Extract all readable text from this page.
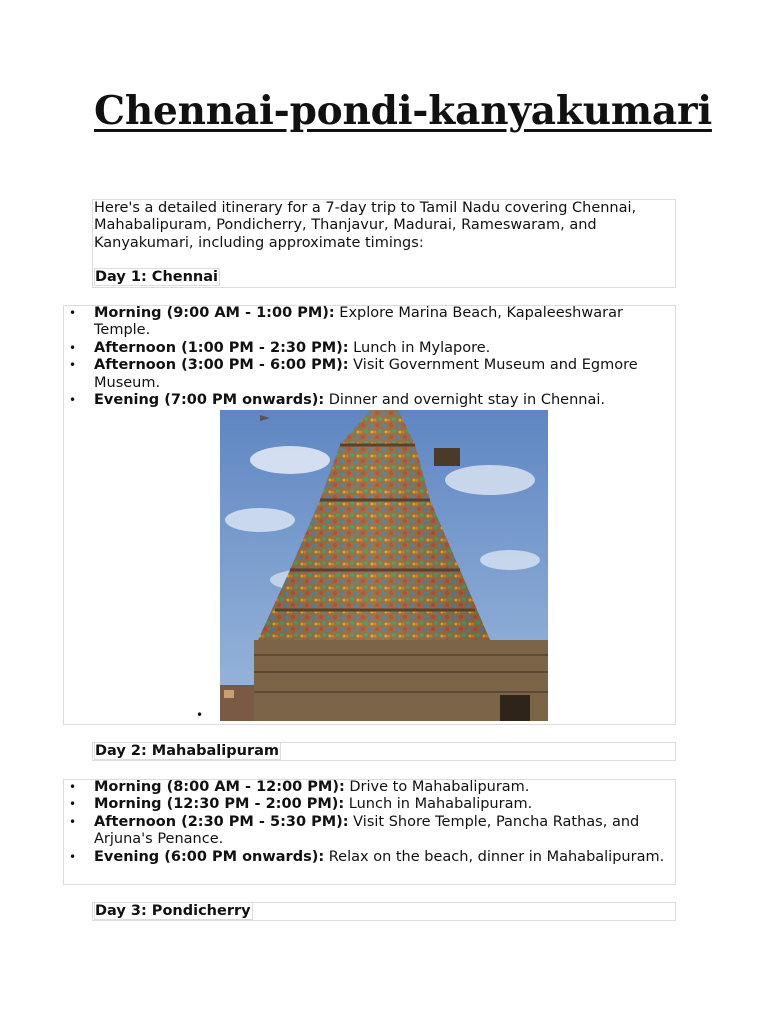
Chennai-pondi-kanyakumari

Here's a detailed itinerary for a 7-day trip to Tamil Nadu covering Chennai, Mahabalipuram, Pondicherry, Thanjavur, Madurai, Rameswaram, and Kanyakumari, including approximate timings:

Day 1: Chennai
• Morning (9:00 AM - 1:00 PM): Explore Marina Beach, Kapaleeshwarar Temple.
• Afternoon (1:00 PM - 2:30 PM): Lunch in Mylapore.
• Afternoon (3:00 PM - 6:00 PM): Visit Government Museum and Egmore Museum.
• Evening (7:00 PM onwards): Dinner and overnight stay in Chennai.
•
Day 2: Mahabalipuram
• Morning (8:00 AM - 12:00 PM): Drive to Mahabalipuram.
• Morning (12:30 PM - 2:00 PM): Lunch in Mahabalipuram.
• Afternoon (2:30 PM - 5:30 PM): Visit Shore Temple, Pancha Rathas, and Arjuna's Penance.
• Evening (6:00 PM onwards): Relax on the beach, dinner in Mahabalipuram.
Day 3: Pondicherry
